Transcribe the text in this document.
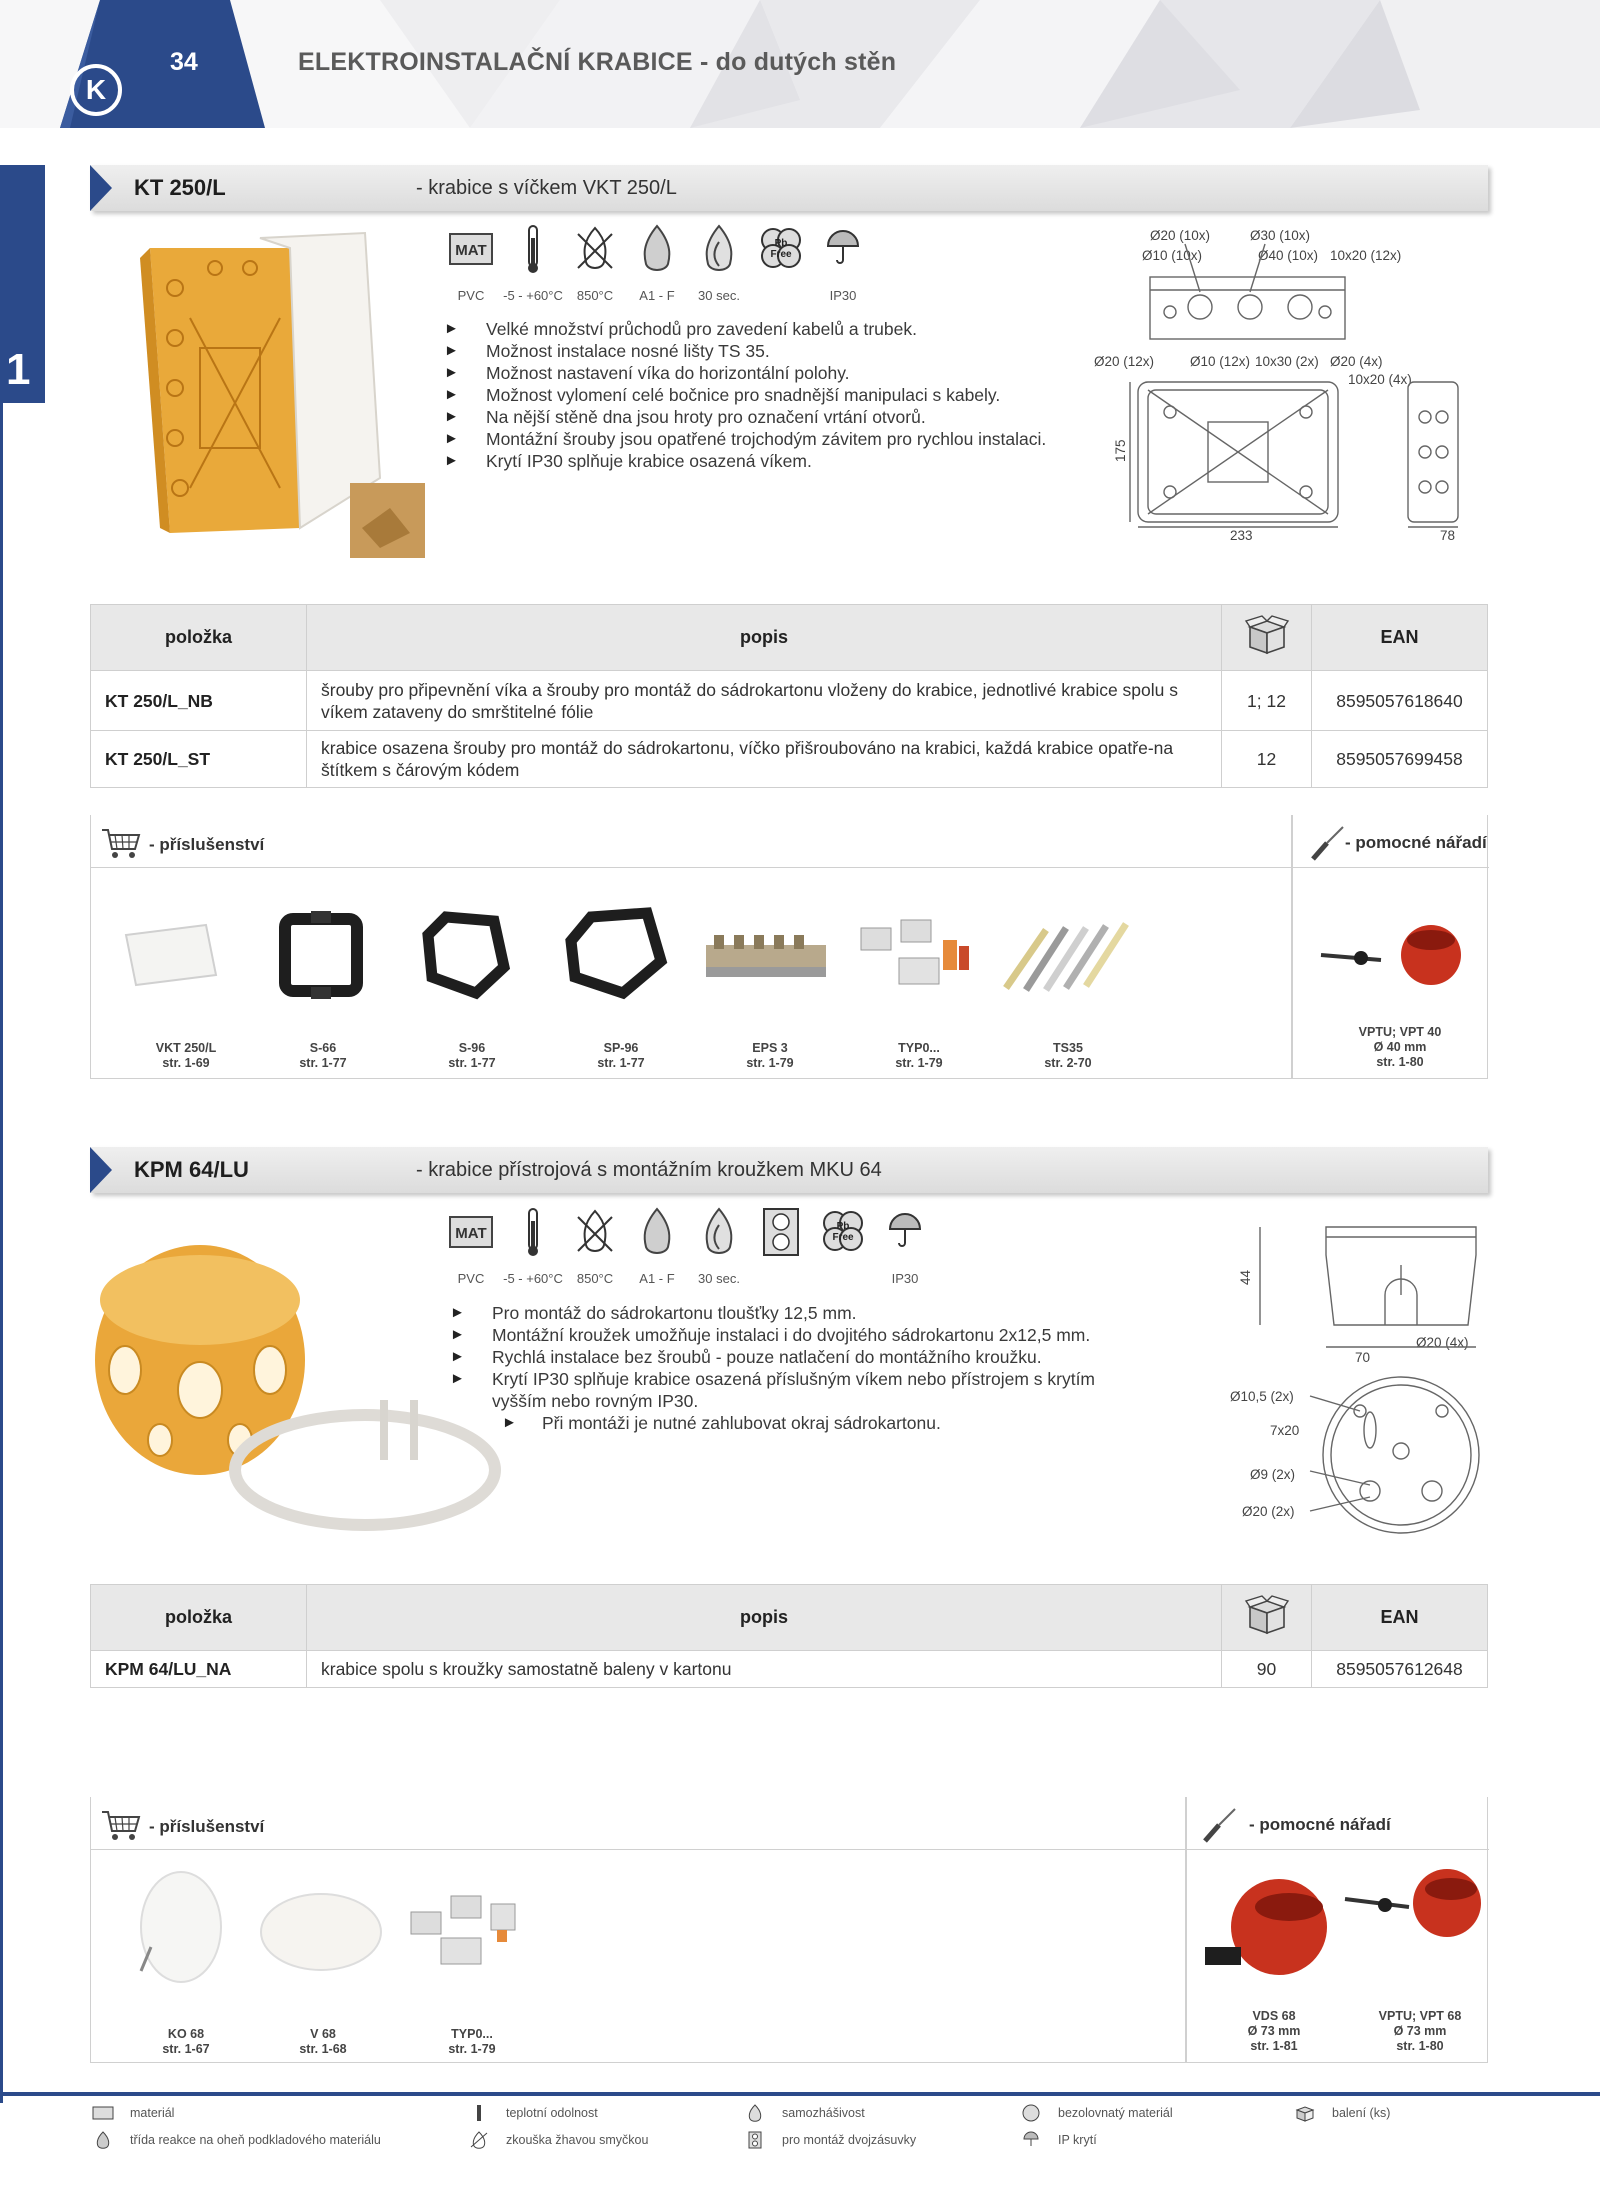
K
34	ELEKTROINSTALAČNÍ KRABICE - do dutých stěn
1
KT 250/L	- krabice s víčkem VKT 250/L
MAT
PVC -5 - +60°C 850°C A1 - F 30 sec.
Pb
Free
IP30
► Velké množství průchodů pro zavedení kabelů a trubek.
► Možnost instalace nosné lišty TS 35.
► Možnost nastavení víka do horizontální polohy.
► Možnost vylomení celé bočnice pro snadnější manipulaci s kabely.
► Na nější stěně dna jsou hroty pro označení vrtání otvorů.
► Montážní šrouby jsou opatřené trojchodým závitem pro rychlou instalaci.
► Krytí IP30 splňuje krabice osazená víkem.
Ø20 (10x)	Ø30 (10x)
Ø10 (10x)	Ø40 (10x) 10x20 (12x)
Ø20 (12x)	Ø10 (12x) 10x30 (2x) Ø20 (4x)
10x20 (4x)
175
233	78
položka	popis		EAN
KT 250/L_NB	šrouby pro připevnění víka a šrouby pro montáž do sádrokartonu vloženy do krabice, jednotlivé krabice spolu s víkem zataveny do smrštitelné fólie	1; 12	8595057618640
KT 250/L_ST	krabice osazena šrouby pro montáž do sádrokartonu, víčko přišroubováno na krabici, každá krabice opatře-na štítkem s čárovým kódem	12	8595057699458
- příslušenství	- pomocné nářadí
VKT 250/L
str. 1-69
S-66
str. 1-77
S-96
str. 1-77
SP-96
str. 1-77
EPS 3
str. 1-79
TYP0...
str. 1-79
TS35
str. 2-70
VPTU; VPT 40
Ø 40 mm
str. 1-80
KPM 64/LU	- krabice přístrojová s montážním kroužkem MKU 64
MAT
PVC -5 - +60°C 850°C A1 - F 30 sec.
Pb
Free
IP30
► Pro montáž do sádrokartonu tloušťky 12,5 mm.
► Montážní kroužek umožňuje instalaci i do dvojitého sádrokartonu 2x12,5 mm.
► Rychlá instalace bez šroubů - pouze natlačení do montážního kroužku.
► Krytí IP30 splňuje krabice osazená příslušným víkem nebo přístrojem s krytím vyšším nebo rovným IP30.
► Při montáži je nutné zahlubovat okraj sádrokartonu.
44
70
Ø20 (4x)
Ø10,5 (2x)
7x20
Ø9 (2x)
Ø20 (2x)
položka	popis		EAN
KPM 64/LU_NA	krabice spolu s kroužky samostatně baleny v kartonu	90	8595057612648
- příslušenství	- pomocné nářadí
KO 68
str. 1-67
V 68
str. 1-68
TYP0...
str. 1-79
VDS 68
Ø 73 mm
str. 1-81
VPTU; VPT 68
Ø 73 mm
str. 1-80
materiál	teplotní odolnost	samozhášivost	bezolovnatý materiál	balení (ks)
třída reakce na oheň podkladového materiálu	zkouška žhavou smyčkou	pro montáž dvojzásuvky	IP krytí
